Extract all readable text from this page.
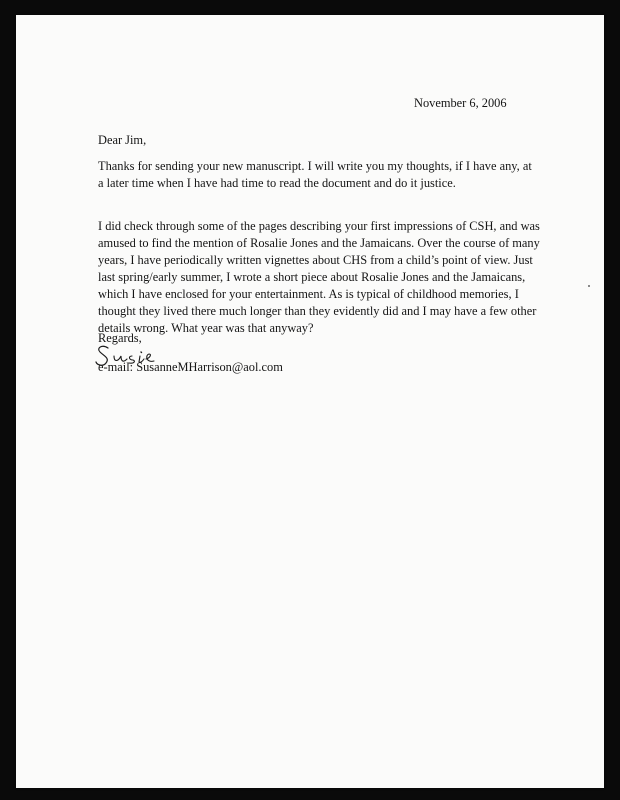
November 6, 2006
Dear Jim,

Thanks for sending your new manuscript. I will write you my thoughts, if I have any, at
a later time when I have had time to read the document and do it justice.

I did check through some of the pages describing your first impressions of CSH, and was
amused to find the mention of Rosalie Jones and the Jamaicans. Over the course of many
years, I have periodically written vignettes about CHS from a child’s point of view. Just
last spring/early summer, I wrote a short piece about Rosalie Jones and the Jamaicans,
which I have enclosed for your entertainment. As is typical of childhood memories, I
thought they lived there much longer than they evidently did and I may have a few other
details wrong. What year was that anyway?

Regards,
e-mail: SusanneMHarrison@aol.com
